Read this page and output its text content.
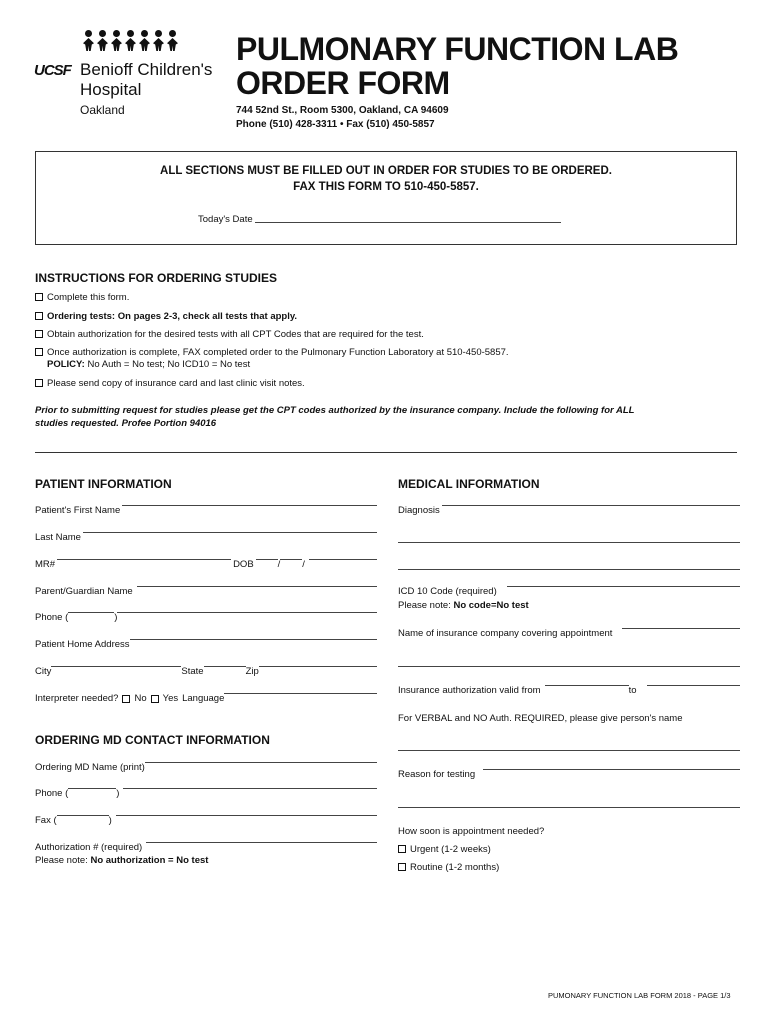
UCSF Benioff Children's
Hospital
Oakland
PULMONARY FUNCTION LAB
ORDER FORM
744 52nd St., Room 5300, Oakland, CA 94609
Phone (510) 428-3311 • Fax (510) 450-5857
ALL SECTIONS MUST BE FILLED OUT IN ORDER FOR STUDIES TO BE ORDERED.
FAX THIS FORM TO 510-450-5857.
Today's Date
INSTRUCTIONS FOR ORDERING STUDIES
Complete this form.
Ordering tests: On pages 2-3, check all tests that apply.
Obtain authorization for the desired tests with all CPT Codes that are required for the test.
Once authorization is complete, FAX completed order to the Pulmonary Function Laboratory at 510-450-5857.
POLICY: No Auth = No test; No ICD10 = No test
Please send copy of insurance card and last clinic visit notes.
Prior to submitting request for studies please get the CPT codes authorized by the insurance company. Include the following for ALL
studies requested. Profee Portion 94016
PATIENT INFORMATION
Patient's First Name
Last Name
MR#	DOB	/ /
Parent/Guardian Name
Phone (	)
Patient Home Address
City	State	Zip
Interpreter needed? No Yes Language
ORDERING MD CONTACT INFORMATION
Ordering MD Name (print)
Phone (	)
Fax (	)
Authorization # (required)
Please note: No authorization = No test
MEDICAL INFORMATION
Diagnosis
ICD 10 Code (required)
Please note: No code=No test
Name of insurance company covering appointment
Insurance authorization valid from	to
For VERBAL and NO Auth. REQUIRED, please give person's name
Reason for testing
How soon is appointment needed?
Urgent (1-2 weeks)
Routine (1-2 months)
PUMONARY FUNCTION LAB FORM 2018 - PAGE 1/3
